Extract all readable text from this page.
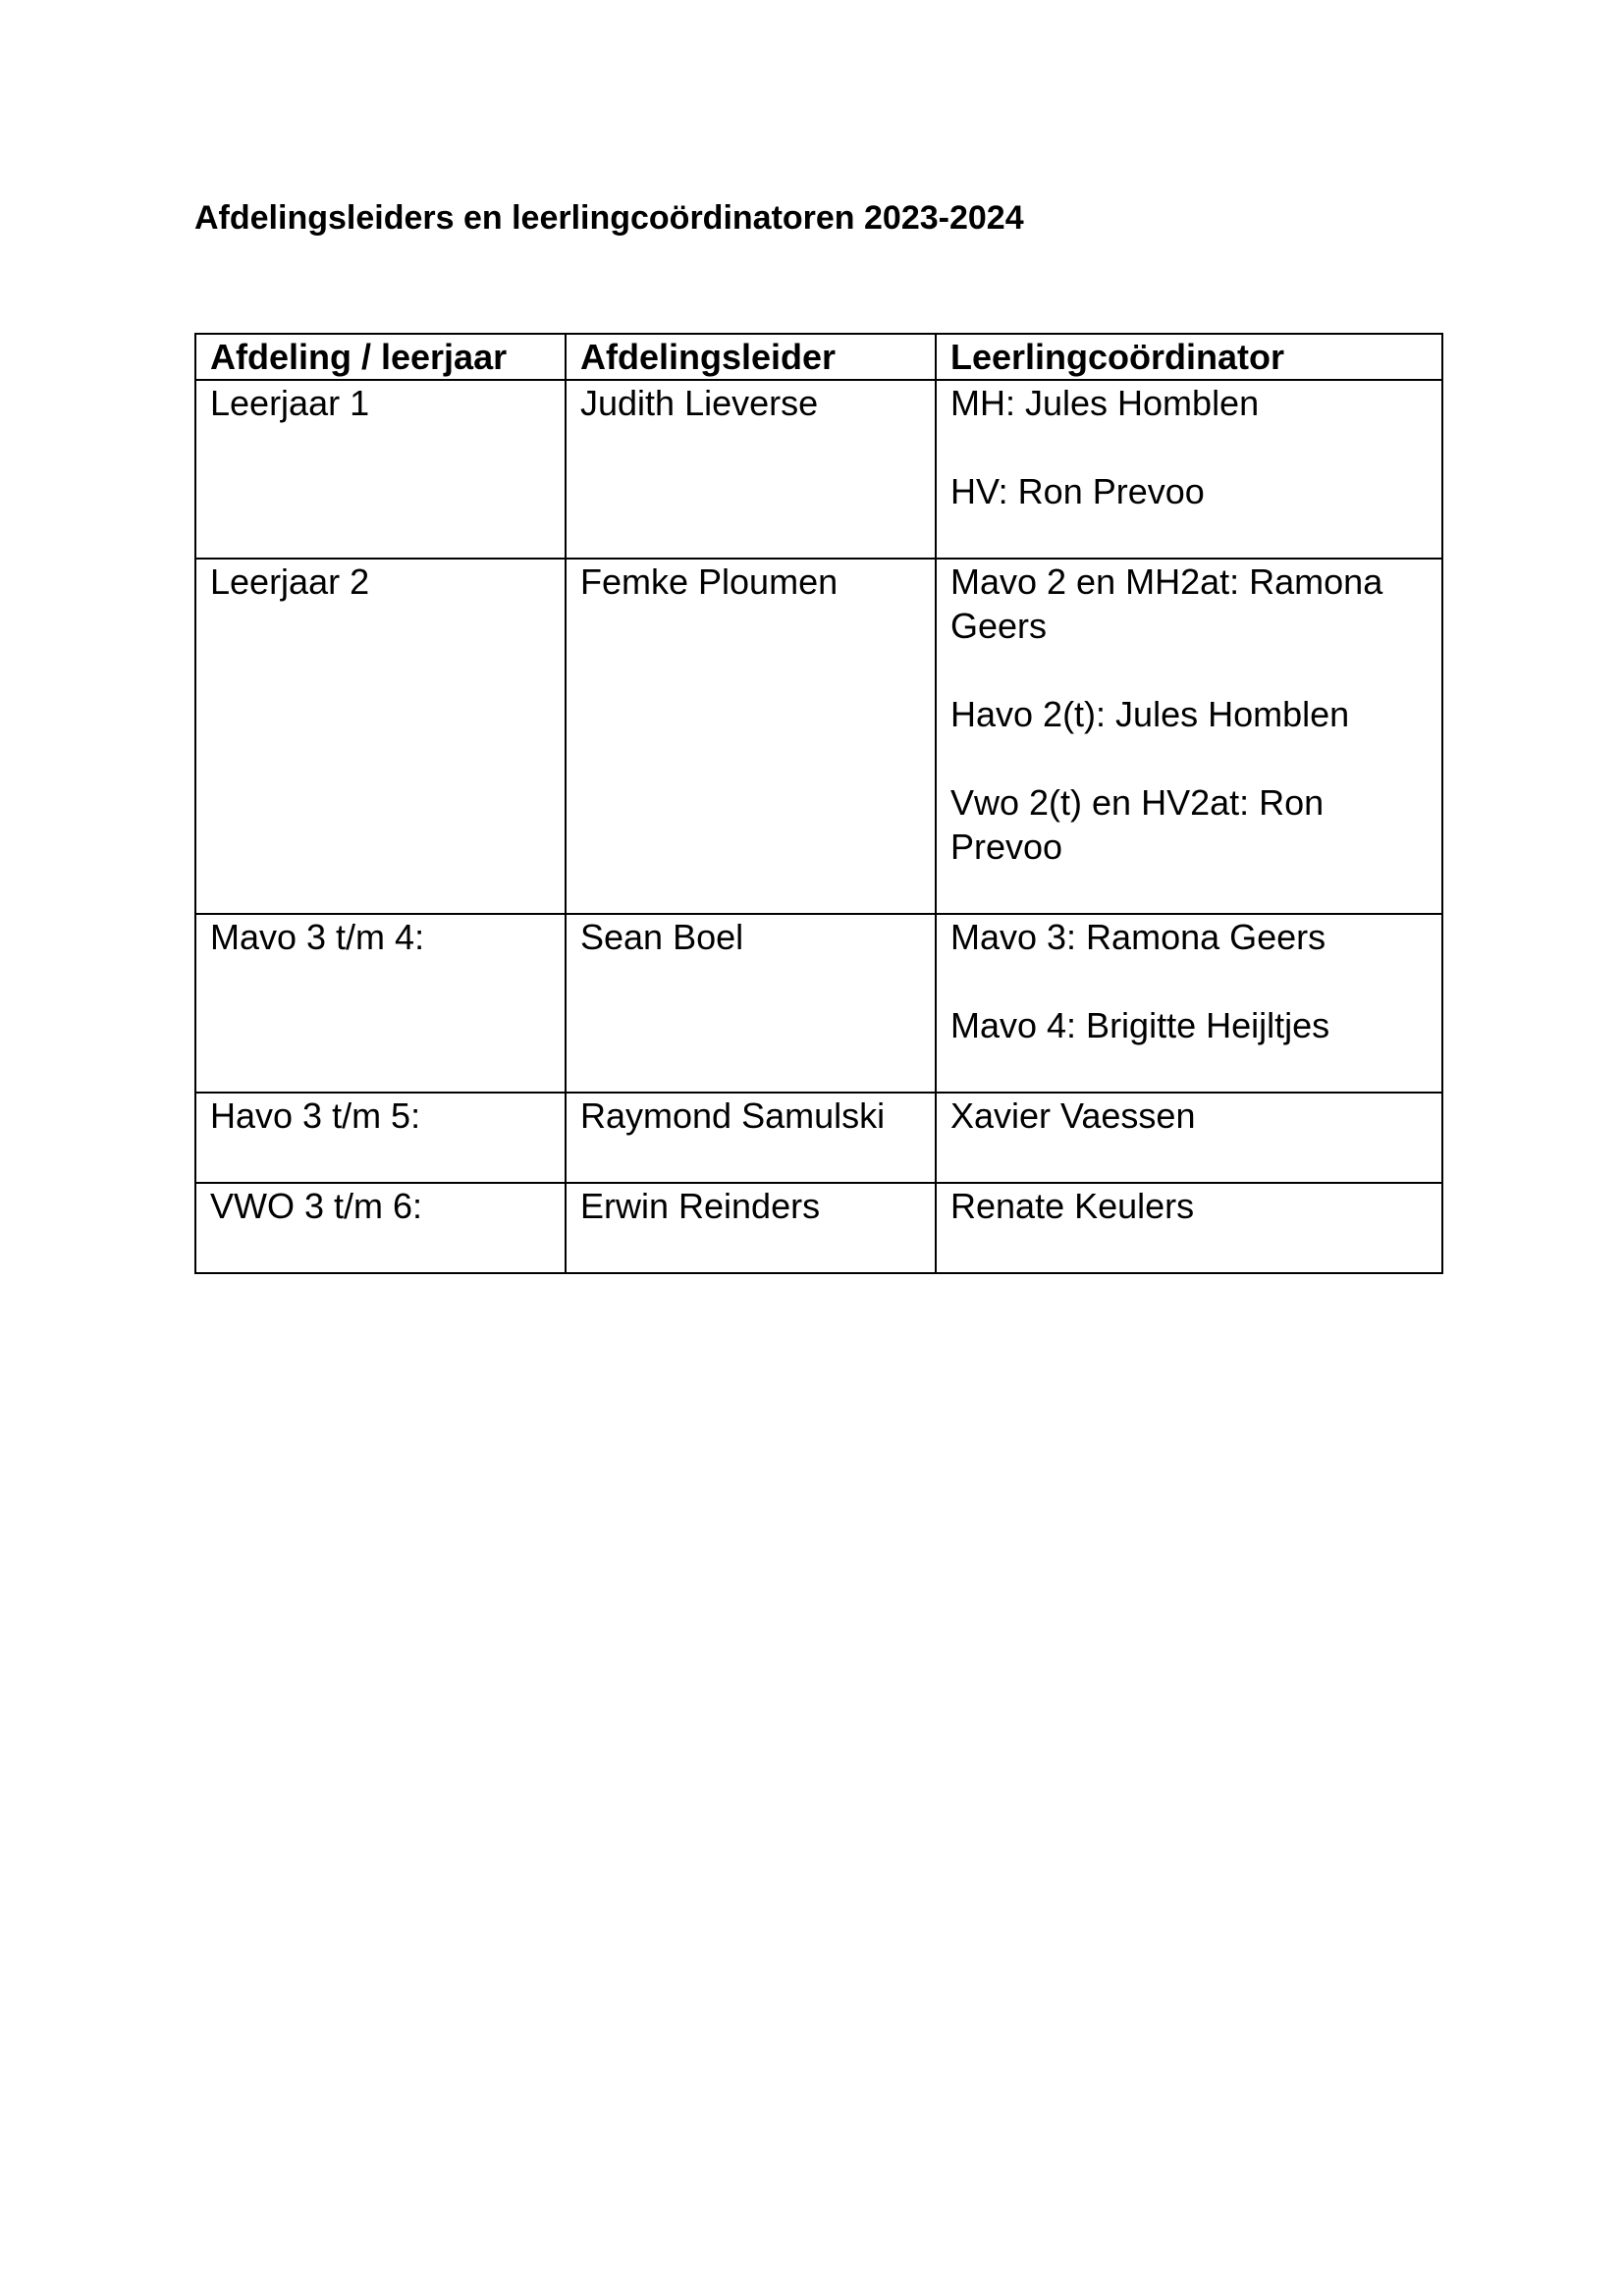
Afdelingsleiders en leerlingcoördinatoren 2023-2024
Afdeling / leerjaar	Afdelingsleider	Leerlingcoördinator
Leerjaar 1	Judith Lieverse	MH: Jules Homblen
HV: Ron Prevoo

Leerjaar 2	Femke Ploumen	Mavo 2 en MH2at: Ramona Geers
Havo 2(t): Jules Homblen
Vwo 2(t) en HV2at: Ron Prevoo

Mavo 3 t/m 4:	Sean Boel	Mavo 3: Ramona Geers
Mavo 4: Brigitte Heijltjes

Havo 3 t/m 5:	Raymond Samulski	Xavier Vaessen

VWO 3 t/m 6:	Erwin Reinders	Renate Keulers
